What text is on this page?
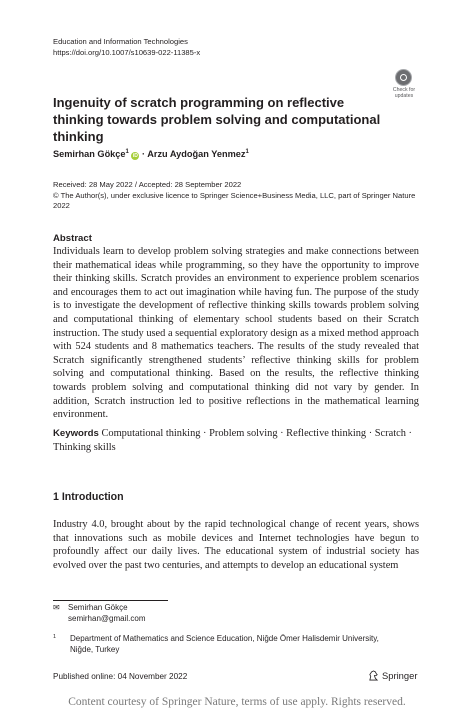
Education and Information Technologies
https://doi.org/10.1007/s10639-022-11385-x
Check for
updates
Ingenuity of scratch programming on reflective thinking towards problem solving and computational thinking
Semirhan Gökçe$^1$ iD · Arzu Aydoğan Yenmez$^1$
Received: 28 May 2022 / Accepted: 28 September 2022
© The Author(s), under exclusive licence to Springer Science+Business Media, LLC, part of Springer Nature 2022
Abstract
Individuals learn to develop problem solving strategies and make connections between their mathematical ideas while programming, so they have the opportunity to improve their thinking skills. Scratch provides an environment to experience problem scenarios and encourages them to act out imagination while having fun. The purpose of the study is to investigate the development of reflective thinking skills towards problem solving and computational thinking of elementary school students based on their Scratch instruction. The study used a sequential exploratory design as a mixed method approach with 524 students and 8 mathematics teachers. The results of the study revealed that Scratch significantly strengthened students’ reflective thinking skills for problem solving and computational thinking. Based on the results, the reflective thinking towards problem solving and computational thinking did not vary by gender. In addition, Scratch instruction led to positive reflections in the mathematical learning environment.
Keywords Computational thinking · Problem solving · Reflective thinking · Scratch · Thinking skills
1 Introduction
Industry 4.0, brought about by the rapid technological change of recent years, shows that innovations such as mobile devices and Internet technologies have begun to profoundly affect our daily lives. The educational system of industrial society has evolved over the past two centuries, and attempts to develop an educational system
✉ Semirhan Gökçe
semirhan@gmail.com
1 Department of Mathematics and Science Education, Niğde Ömer Halisdemir University, Niğde, Turkey
Published online: 04 November 2022	Springer
Content courtesy of Springer Nature, terms of use apply. Rights reserved.
